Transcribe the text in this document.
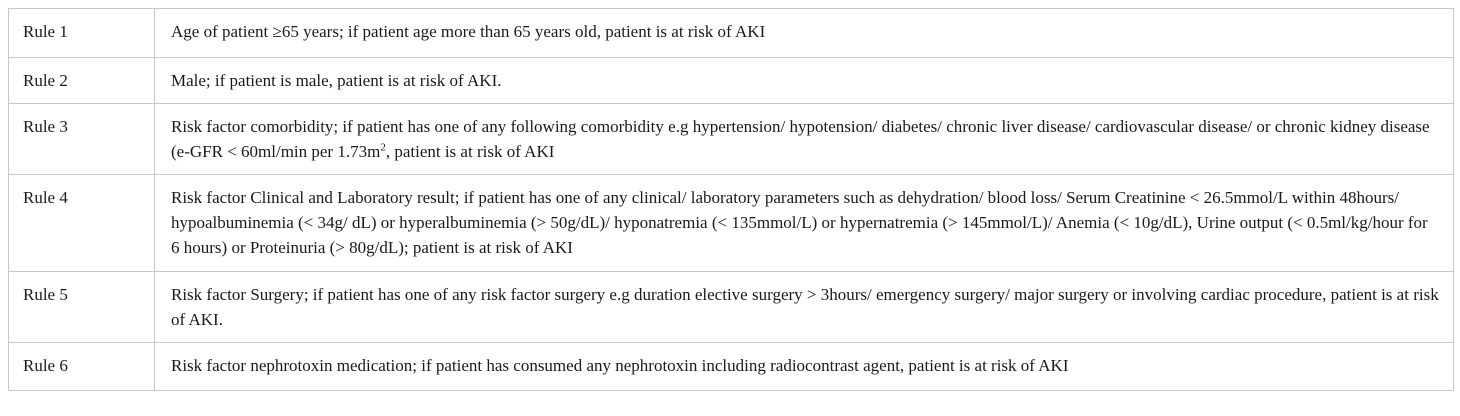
Rule 1	Age of patient ≥65 years; if patient age more than 65 years old, patient is at risk of AKI
Rule 2	Male; if patient is male, patient is at risk of AKI.
Rule 3	Risk factor comorbidity; if patient has one of any following comorbidity e.g hypertension/ hypotension/ diabetes/ chronic liver disease/ cardiovascular disease/ or chronic kidney disease (e-GFR < 60ml/min per $1.73m^2$, patient is at risk of AKI
Rule 4	Risk factor Clinical and Laboratory result; if patient has one of any clinical/ laboratory parameters such as dehydration/ blood loss/ Serum Creatinine < 26.5mmol/L within 48hours/ hypoalbuminemia (< 34g/ dL) or hyperalbuminemia (> 50g/dL)/ hyponatremia (< 135mmol/L) or hypernatremia (> 145mmol/L)/ Anemia (< 10g/dL), Urine output (< 0.5ml/kg/hour for 6 hours) or Proteinuria (> 80g/dL); patient is at risk of AKI
Rule 5	Risk factor Surgery; if patient has one of any risk factor surgery e.g duration elective surgery > 3hours/ emergency surgery/ major surgery or involving cardiac procedure, patient is at risk of AKI.
Rule 6	Risk factor nephrotoxin medication; if patient has consumed any nephrotoxin including radiocontrast agent, patient is at risk of AKI
